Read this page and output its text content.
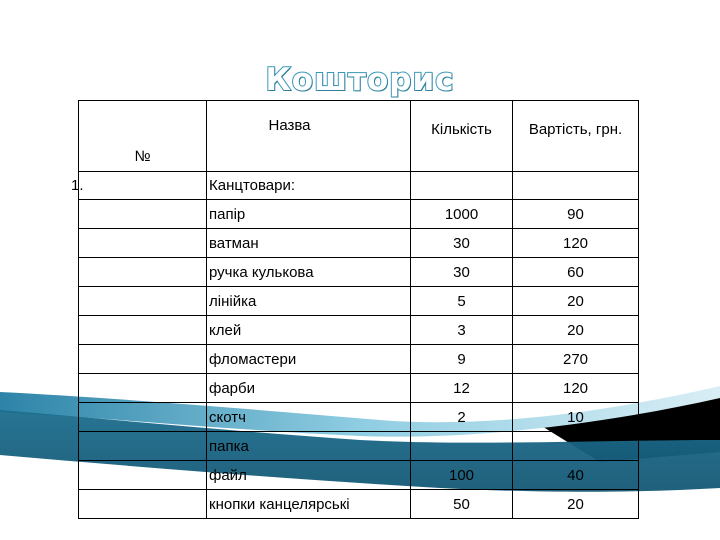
Кошторис
№	Назва	Кількість	Вартість, грн.
1.	Канцтовари:		
	папір	1000	90
	ватман	30	120
	ручка кулькова	30	60
	лінійка	5	20
	клей	3	20
	фломастери	9	270
	фарби	12	120
	скотч	2	10
	папка		
	файл	100	40
	кнопки канцелярські	50	20
